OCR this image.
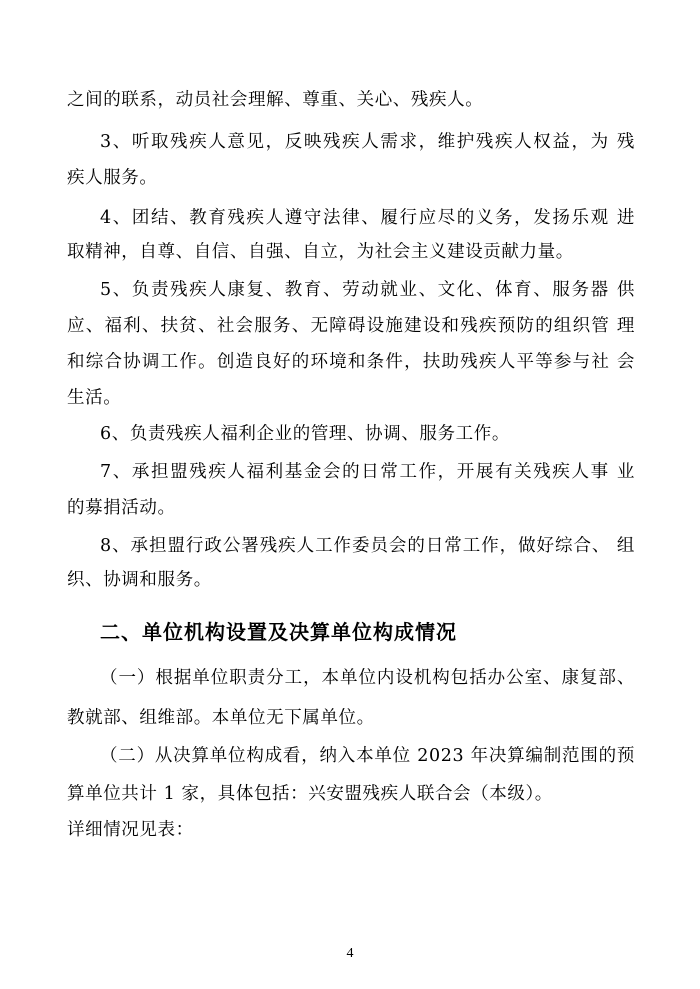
之间的联系，动员社会理解、尊重、关心、残疾人。
3、听取残疾人意见，反映残疾人需求，维护残疾人权益，为 残
疾人服务。
4、团结、教育残疾人遵守法律、履行应尽的义务，发扬乐观 进
取精神，自尊、自信、自强、自立，为社会主义建设贡献力量。
5、负责残疾人康复、教育、劳动就业、文化、体育、服务器 供
应、福利、扶贫、社会服务、无障碍设施建设和残疾预防的组织管 理
和综合协调工作。创造良好的环境和条件，扶助残疾人平等参与社 会
生活。
6、负责残疾人福利企业的管理、协调、服务工作。
7、承担盟残疾人福利基金会的日常工作，开展有关残疾人事 业
的募捐活动。
8、承担盟行政公署残疾人工作委员会的日常工作，做好综合、 组
织、协调和服务。
二、单位机构设置及决算单位构成情况
（一）根据单位职责分工，本单位内设机构包括办公室、康复部、
教就部、组维部。本单位无下属单位。
（二）从决算单位构成看，纳入本单位 2023 年决算编制范围的预
算单位共计 1 家，具体包括：兴安盟残疾人联合会（本级）。
详细情况见表：
4
